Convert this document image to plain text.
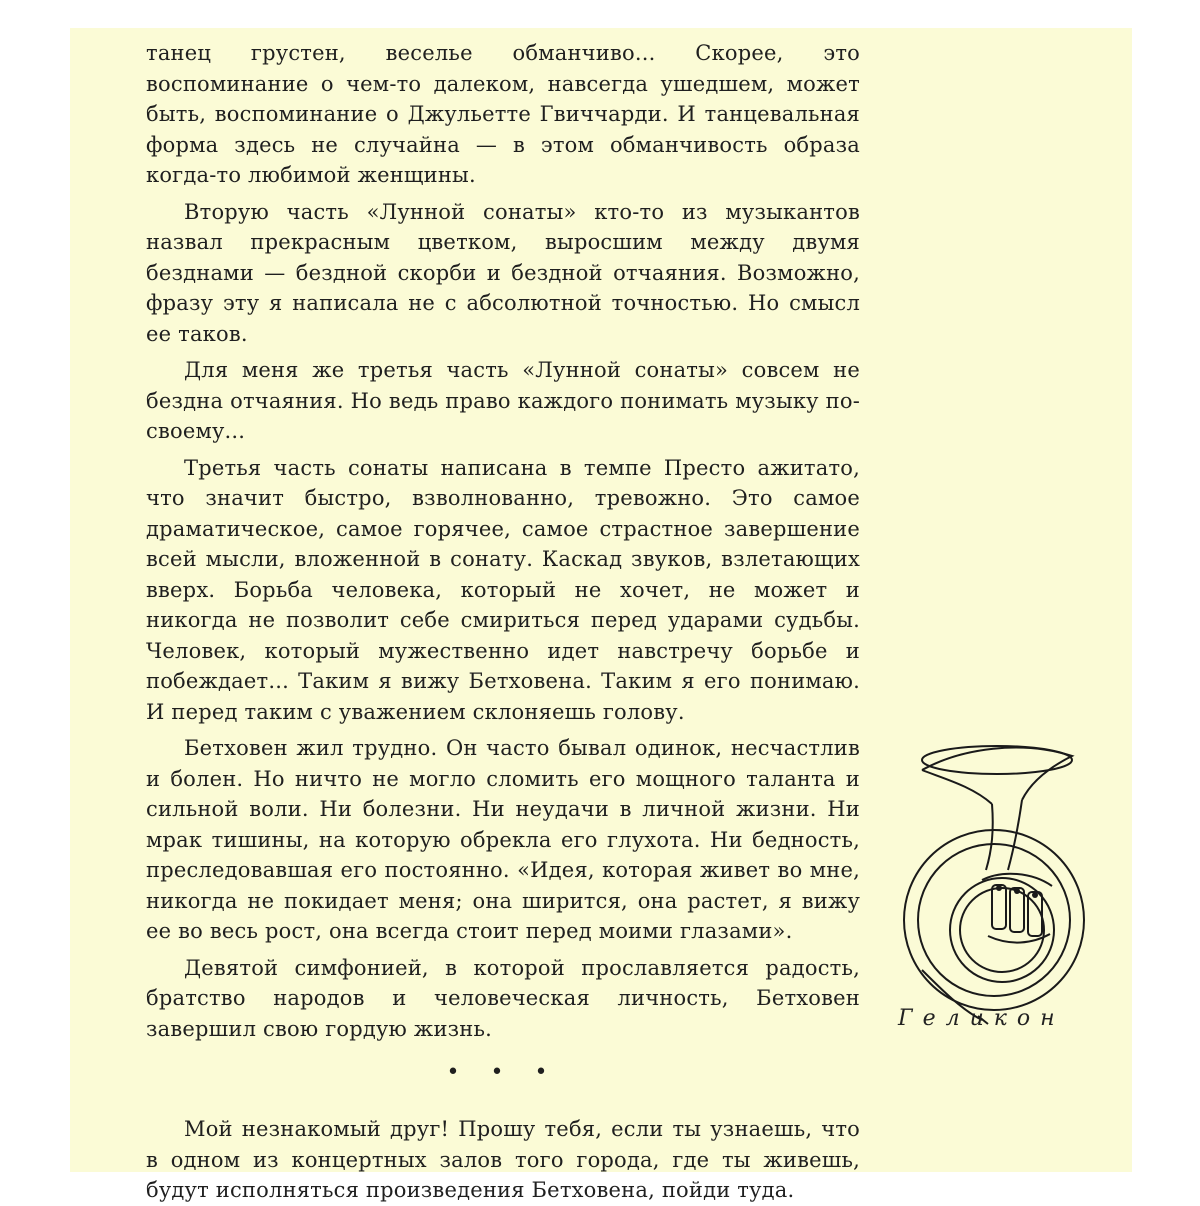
танец грустен, веселье обманчиво... Скорее, это воспоминание о чем-то далеком, навсегда ушедшем, может быть, воспоминание о Джульетте Гвиччарди. И танцевальная форма здесь не случайна — в этом обманчивость образа когда-то любимой женщины.

Вторую часть «Лунной сонаты» кто-то из музыкантов назвал прекрасным цветком, выросшим между двумя безднами — бездной скорби и бездной отчаяния. Возможно, фразу эту я написала не с абсолютной точностью. Но смысл ее таков.

Для меня же третья часть «Лунной сонаты» совсем не бездна отчаяния. Но ведь право каждого понимать музыку по-своему...

Третья часть сонаты написана в темпе Престо ажитато, что значит быстро, взволнованно, тревожно. Это самое драматическое, самое горячее, самое страстное завершение всей мысли, вложенной в сонату. Каскад звуков, взлетающих вверх. Борьба человека, который не хочет, не может и никогда не позволит себе смириться перед ударами судьбы. Человек, который мужественно идет навстречу борьбе и побеждает... Таким я вижу Бетховена. Таким я его понимаю. И перед таким с уважением склоняешь голову.

Бетховен жил трудно. Он часто бывал одинок, несчастлив и болен. Но ничто не могло сломить его мощного таланта и сильной воли. Ни болезни. Ни неудачи в личной жизни. Ни мрак тишины, на которую обрекла его глухота. Ни бедность, преследовавшая его постоянно. «Идея, которая живет во мне, никогда не покидает меня; она ширится, она растет, я вижу ее во весь рост, она всегда стоит перед моими глазами».

Девятой симфонией, в которой прославляется радость, братство народов и человеческая личность, Бетховен завершил свою гордую жизнь.

• • •

Мой незнакомый друг! Прошу тебя, если ты узнаешь, что в одном из концертных залов того города, где ты живешь, будут исполняться произведения Бетховена, пойди туда.

Геликон
